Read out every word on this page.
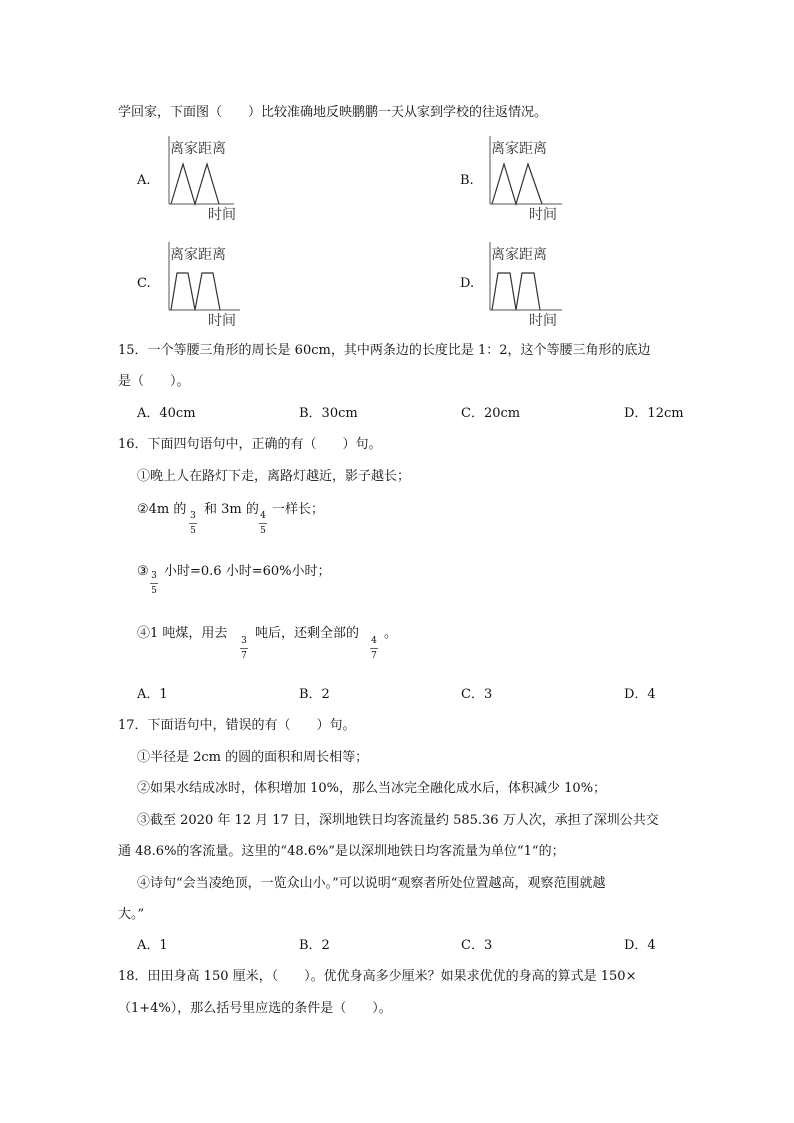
学回家，下面图（　　）比较准确地反映鹏鹏一天从家到学校的往返情况。
A.
离家距离
时间
B.
离家距离
时间
C.
离家距离
时间
D.
离家距离
时间
15．一个等腰三角形的周长是 60cm，其中两条边的长度比是 1：2，这个等腰三角形的底边
是（　　）。
A．40cm	B．30cm	C．20cm	D．12cm
16．下面四句语句中，正确的有（　　）句。
①晚上人在路灯下走，离路灯越近，影子越长；
②4m 的 3
5
和 3m 的 4
5
一样长；
③ 3
5
小时=0.6 小时=60%小时；
④1 吨煤，用去	3
7
吨后，还剩全部的	4
7
。
A．1	B．2	C．3	D．4
17．下面语句中，错误的有（　　）句。
①半径是 2cm 的圆的面积和周长相等；
②如果水结成冰时，体积增加 10%，那么当冰完全融化成水后，体积减少 10%；
③截至 2020 年 12 月 17 日，深圳地铁日均客流量约 585.36 万人次，承担了深圳公共交
通 48.6%的客流量。这里的“48.6%”是以深圳地铁日均客流量为单位“1“的；
④诗句“会当凌绝顶，一览众山小。”可以说明“观察者所处位置越高，观察范围就越
大。”
A．1	B．2	C．3	D．4
18．田田身高 150 厘米，（　　）。优优身高多少厘米？如果求优优的身高的算式是 150×
（1+4%），那么括号里应选的条件是（　　）。
